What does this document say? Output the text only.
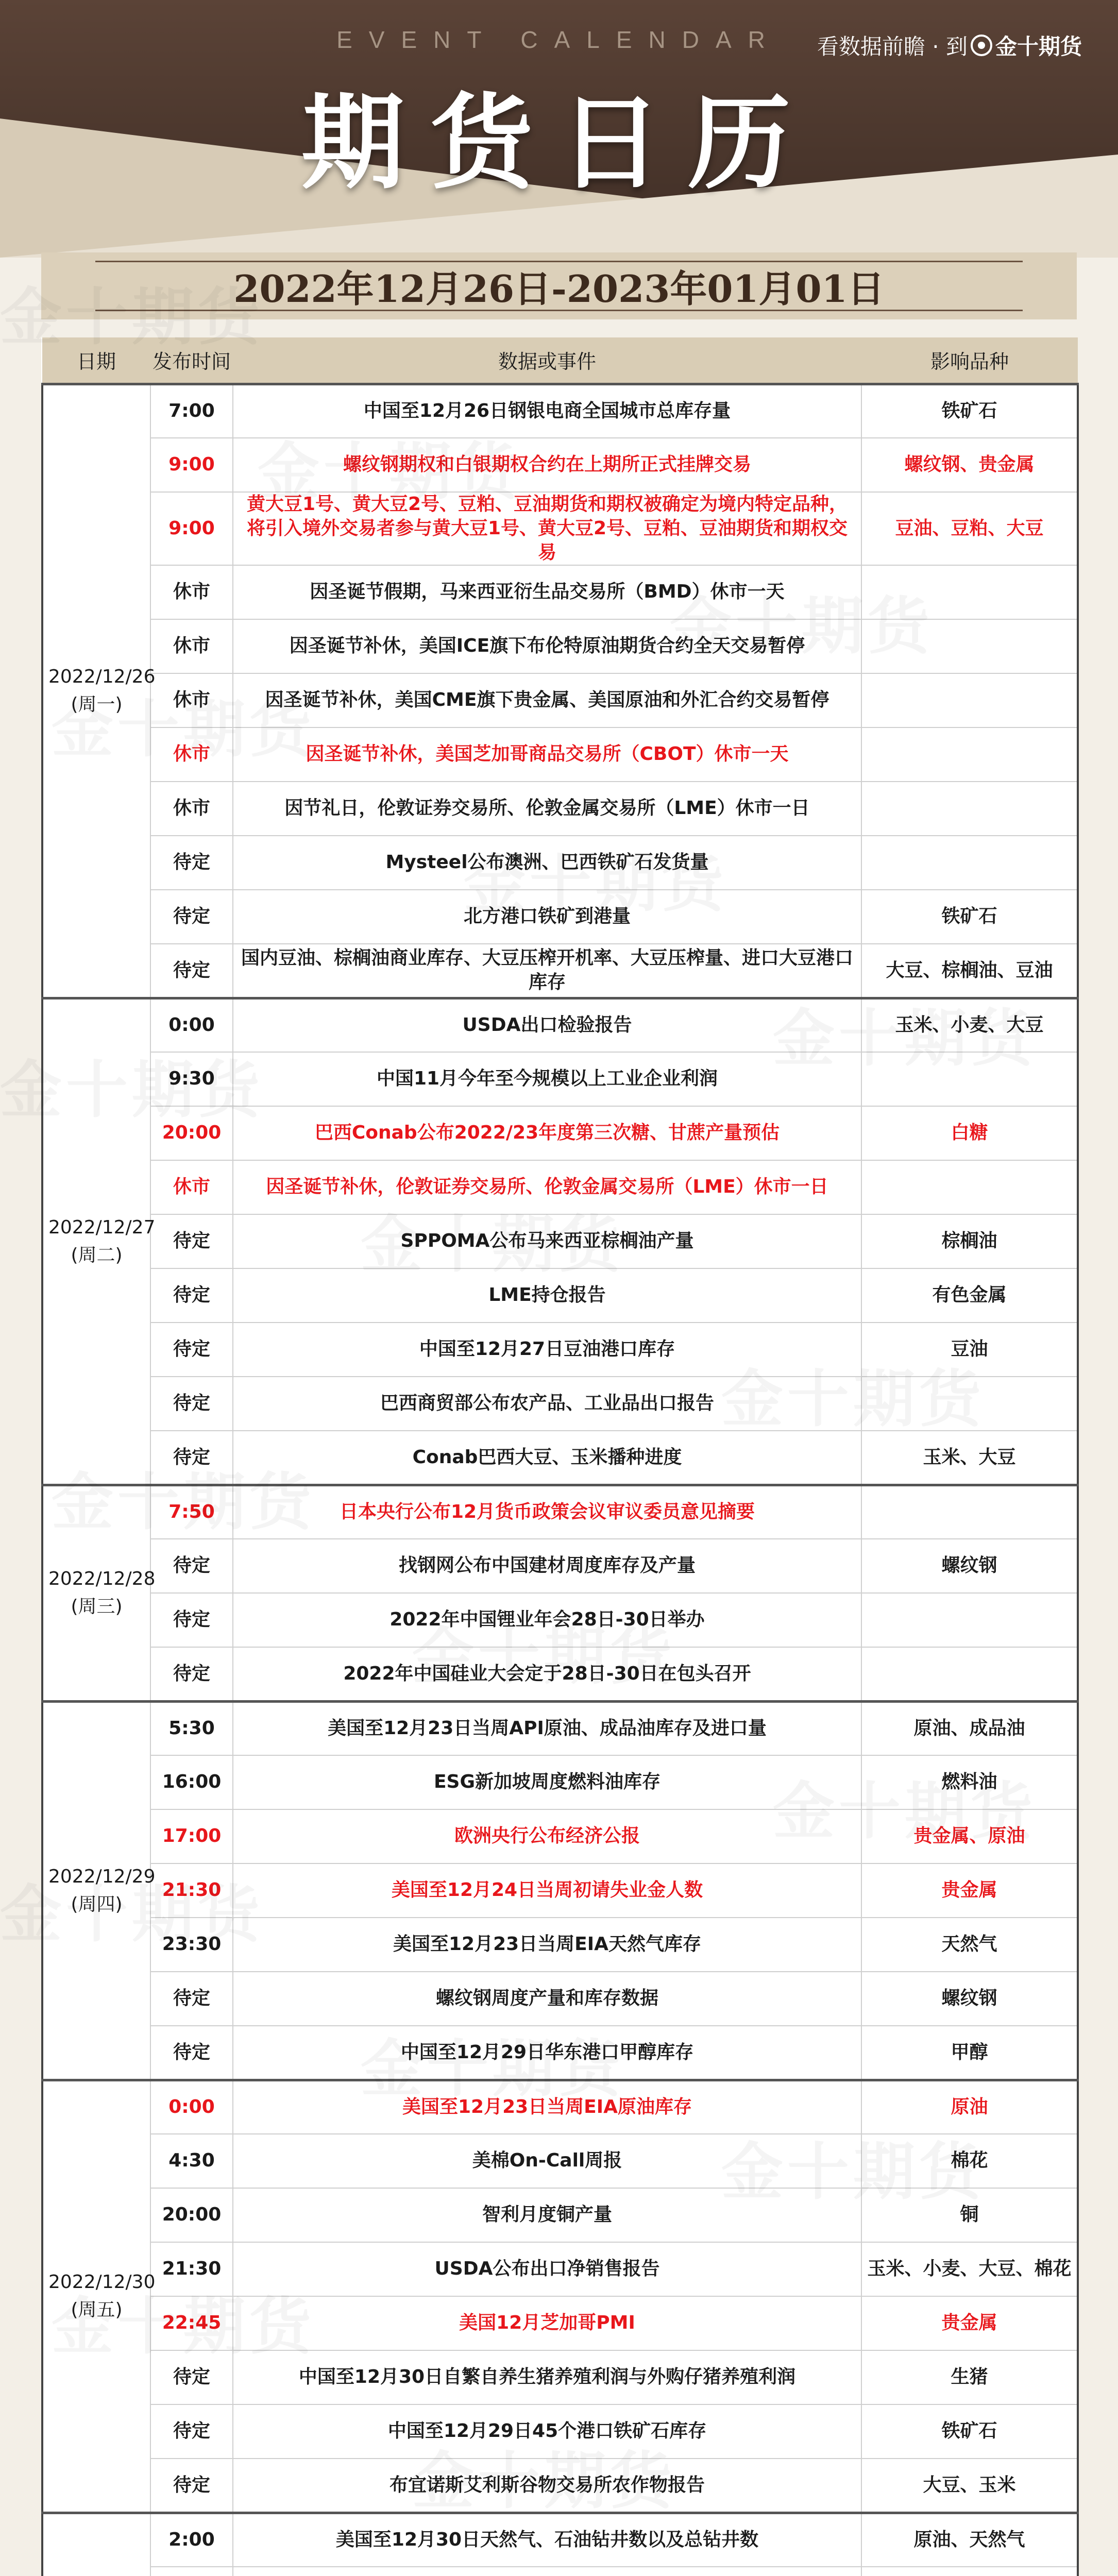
EVENT CALENDAR
期货日历
看数据前瞻 · 到 金十期货
2022年12月26日-2023年01月01日
日期	发布时间	数据或事件	影响品种

2022/12/26
(周一)	7:00	中国至12月26日钢银电商全国城市总库存量	铁矿石
	9:00	螺纹钢期权和白银期权合约在上期所正式挂牌交易	螺纹钢、贵金属
	9:00	黄大豆1号、黄大豆2号、豆粕、豆油期货和期权被确定为境内特定品种，将引入境外交易者参与黄大豆1号、黄大豆2号、豆粕、豆油期货和期权交易	豆油、豆粕、大豆
	休市	因圣诞节假期，马来西亚衍生品交易所（BMD）休市一天	
	休市	因圣诞节补休，美国ICE旗下布伦特原油期货合约全天交易暂停	
	休市	因圣诞节补休，美国CME旗下贵金属、美国原油和外汇合约交易暂停	
	休市	因圣诞节补休，美国芝加哥商品交易所（CBOT）休市一天	
	休市	因节礼日，伦敦证券交易所、伦敦金属交易所（LME）休市一日	
	待定	Mysteel公布澳洲、巴西铁矿石发货量	
	待定	北方港口铁矿到港量	铁矿石
	待定	国内豆油、棕榈油商业库存、大豆压榨开机率、大豆压榨量、进口大豆港口库存	大豆、棕榈油、豆油

2022/12/27
(周二)	0:00	USDA出口检验报告	玉米、小麦、大豆
	9:30	中国11月今年至今规模以上工业企业利润	
	20:00	巴西Conab公布2022/23年度第三次糖、甘蔗产量预估	白糖
	休市	因圣诞节补休，伦敦证券交易所、伦敦金属交易所（LME）休市一日	
	待定	SPPOMA公布马来西亚棕榈油产量	棕榈油
	待定	LME持仓报告	有色金属
	待定	中国至12月27日豆油港口库存	豆油
	待定	巴西商贸部公布农产品、工业品出口报告	
	待定	Conab巴西大豆、玉米播种进度	玉米、大豆

2022/12/28
(周三)	7:50	日本央行公布12月货币政策会议审议委员意见摘要	
	待定	找钢网公布中国建材周度库存及产量	螺纹钢
	待定	2022年中国锂业年会28日-30日举办	
	待定	2022年中国硅业大会定于28日-30日在包头召开	

2022/12/29
(周四)	5:30	美国至12月23日当周API原油、成品油库存及进口量	原油、成品油
	16:00	ESG新加坡周度燃料油库存	燃料油
	17:00	欧洲央行公布经济公报	贵金属、原油
	21:30	美国至12月24日当周初请失业金人数	贵金属
	23:30	美国至12月23日当周EIA天然气库存	天然气
	待定	螺纹钢周度产量和库存数据	螺纹钢
	待定	中国至12月29日华东港口甲醇库存	甲醇

2022/12/30
(周五)	0:00	美国至12月23日当周EIA原油库存	原油
	4:30	美棉On-Call周报	棉花
	20:00	智利月度铜产量	铜
	21:30	USDA公布出口净销售报告	玉米、小麦、大豆、棉花
	22:45	美国12月芝加哥PMI	贵金属
	待定	中国至12月30日自繁自养生猪养殖利润与外购仔猪养殖利润	生猪
	待定	中国至12月29日45个港口铁矿石库存	铁矿石
	待定	布宜诺斯艾利斯谷物交易所农作物报告	大豆、玉米

	2:00	美国至12月30日天然气、石油钻井数以及总钻井数	原油、天然气
